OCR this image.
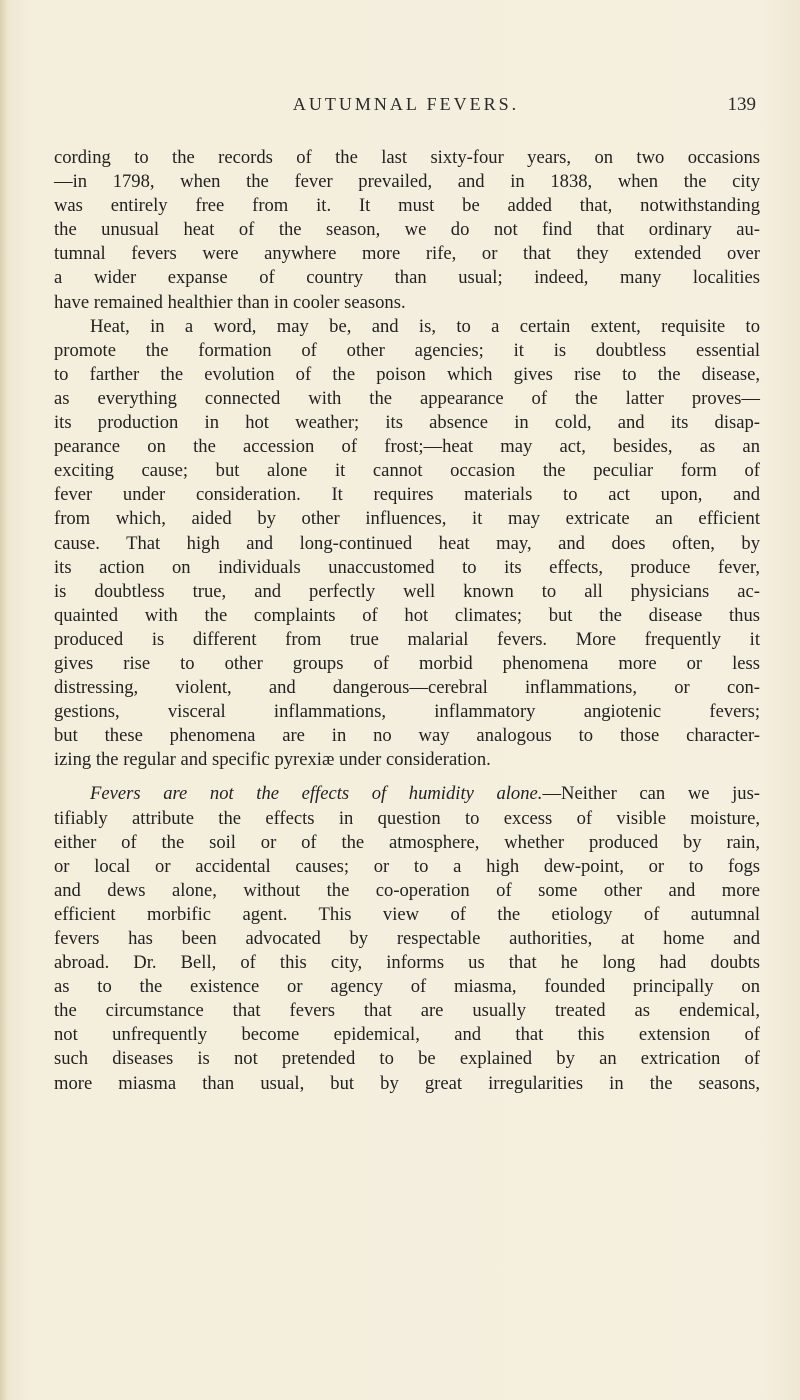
AUTUMNAL FEVERS.	139
cording to the records of the last sixty-four years, on two occasions
—in 1798, when the fever prevailed, and in 1838, when the city
was entirely free from it. It must be added that, notwithstanding
the unusual heat of the season, we do not find that ordinary au-
tumnal fevers were anywhere more rife, or that they extended over
a wider expanse of country than usual; indeed, many localities
have remained healthier than in cooler seasons.
Heat, in a word, may be, and is, to a certain extent, requisite to
promote the formation of other agencies; it is doubtless essential
to farther the evolution of the poison which gives rise to the disease,
as everything connected with the appearance of the latter proves—
its production in hot weather; its absence in cold, and its disap-
pearance on the accession of frost;—heat may act, besides, as an
exciting cause; but alone it cannot occasion the peculiar form of
fever under consideration. It requires materials to act upon, and
from which, aided by other influences, it may extricate an efficient
cause. That high and long-continued heat may, and does often, by
its action on individuals unaccustomed to its effects, produce fever,
is doubtless true, and perfectly well known to all physicians ac-
quainted with the complaints of hot climates; but the disease thus
produced is different from true malarial fevers. More frequently it
gives rise to other groups of morbid phenomena more or less
distressing, violent, and dangerous—cerebral inflammations, or con-
gestions, visceral inflammations, inflammatory angiotenic fevers;
but these phenomena are in no way analogous to those character-
izing the regular and specific pyrexiæ under consideration.
Fevers are not the effects of humidity alone.—Neither can we jus-
tifiably attribute the effects in question to excess of visible moisture,
either of the soil or of the atmosphere, whether produced by rain,
or local or accidental causes; or to a high dew-point, or to fogs
and dews alone, without the co-operation of some other and more
efficient morbific agent. This view of the etiology of autumnal
fevers has been advocated by respectable authorities, at home and
abroad. Dr. Bell, of this city, informs us that he long had doubts
as to the existence or agency of miasma, founded principally on
the circumstance that fevers that are usually treated as endemical,
not unfrequently become epidemical, and that this extension of
such diseases is not pretended to be explained by an extrication of
more miasma than usual, but by great irregularities in the seasons,
